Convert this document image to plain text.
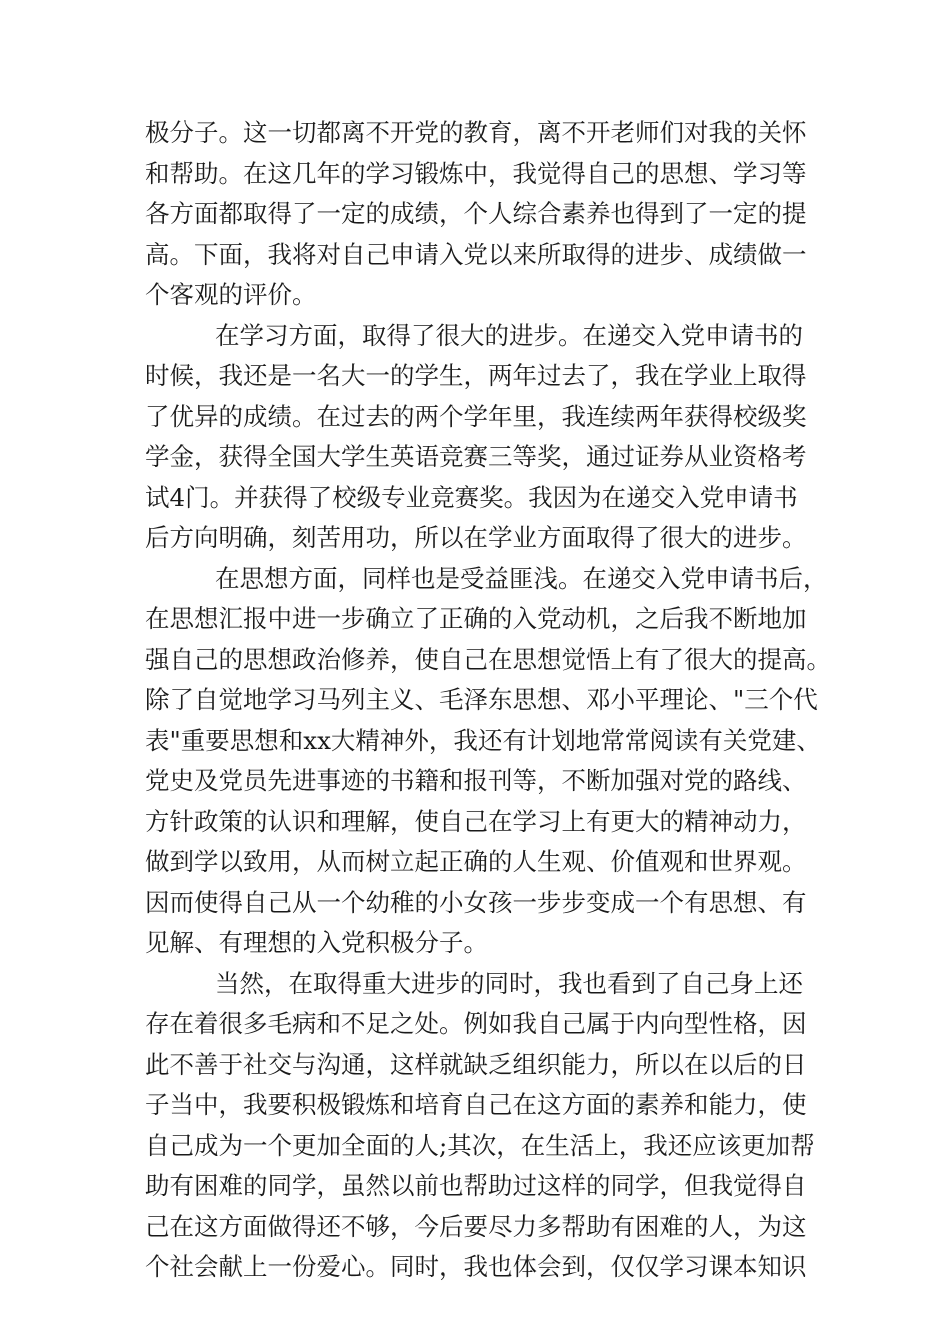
极分子。这一切都离不开党的教育，离不开老师们对我的关怀
和帮助。在这几年的学习锻炼中，我觉得自己的思想、学习等
各方面都取得了一定的成绩，个人综合素养也得到了一定的提
高。下面，我将对自己申请入党以来所取得的进步、成绩做一
个客观的评价。
在学习方面，取得了很大的进步。在递交入党申请书的
时候，我还是一名大一的学生，两年过去了，我在学业上取得
了优异的成绩。在过去的两个学年里，我连续两年获得校级奖
学金，获得全国大学生英语竞赛三等奖，通过证券从业资格考
试4门。并获得了校级专业竞赛奖。我因为在递交入党申请书
后方向明确，刻苦用功，所以在学业方面取得了很大的进步。
在思想方面，同样也是受益匪浅。在递交入党申请书后，
在思想汇报中进一步确立了正确的入党动机，之后我不断地加
强自己的思想政治修养，使自己在思想觉悟上有了很大的提高。
除了自觉地学习马列主义、毛泽东思想、邓小平理论、"三个代
表"重要思想和xx大精神外，我还有计划地常常阅读有关党建、
党史及党员先进事迹的书籍和报刊等，不断加强对党的路线、
方针政策的认识和理解，使自己在学习上有更大的精神动力，
做到学以致用，从而树立起正确的人生观、价值观和世界观。
因而使得自己从一个幼稚的小女孩一步步变成一个有思想、有
见解、有理想的入党积极分子。
当然，在取得重大进步的同时，我也看到了自己身上还
存在着很多毛病和不足之处。例如我自己属于内向型性格，因
此不善于社交与沟通，这样就缺乏组织能力，所以在以后的日
子当中，我要积极锻炼和培育自己在这方面的素养和能力，使
自己成为一个更加全面的人;其次，在生活上，我还应该更加帮
助有困难的同学，虽然以前也帮助过这样的同学，但我觉得自
己在这方面做得还不够，今后要尽力多帮助有困难的人，为这
个社会献上一份爱心。同时，我也体会到，仅仅学习课本知识
